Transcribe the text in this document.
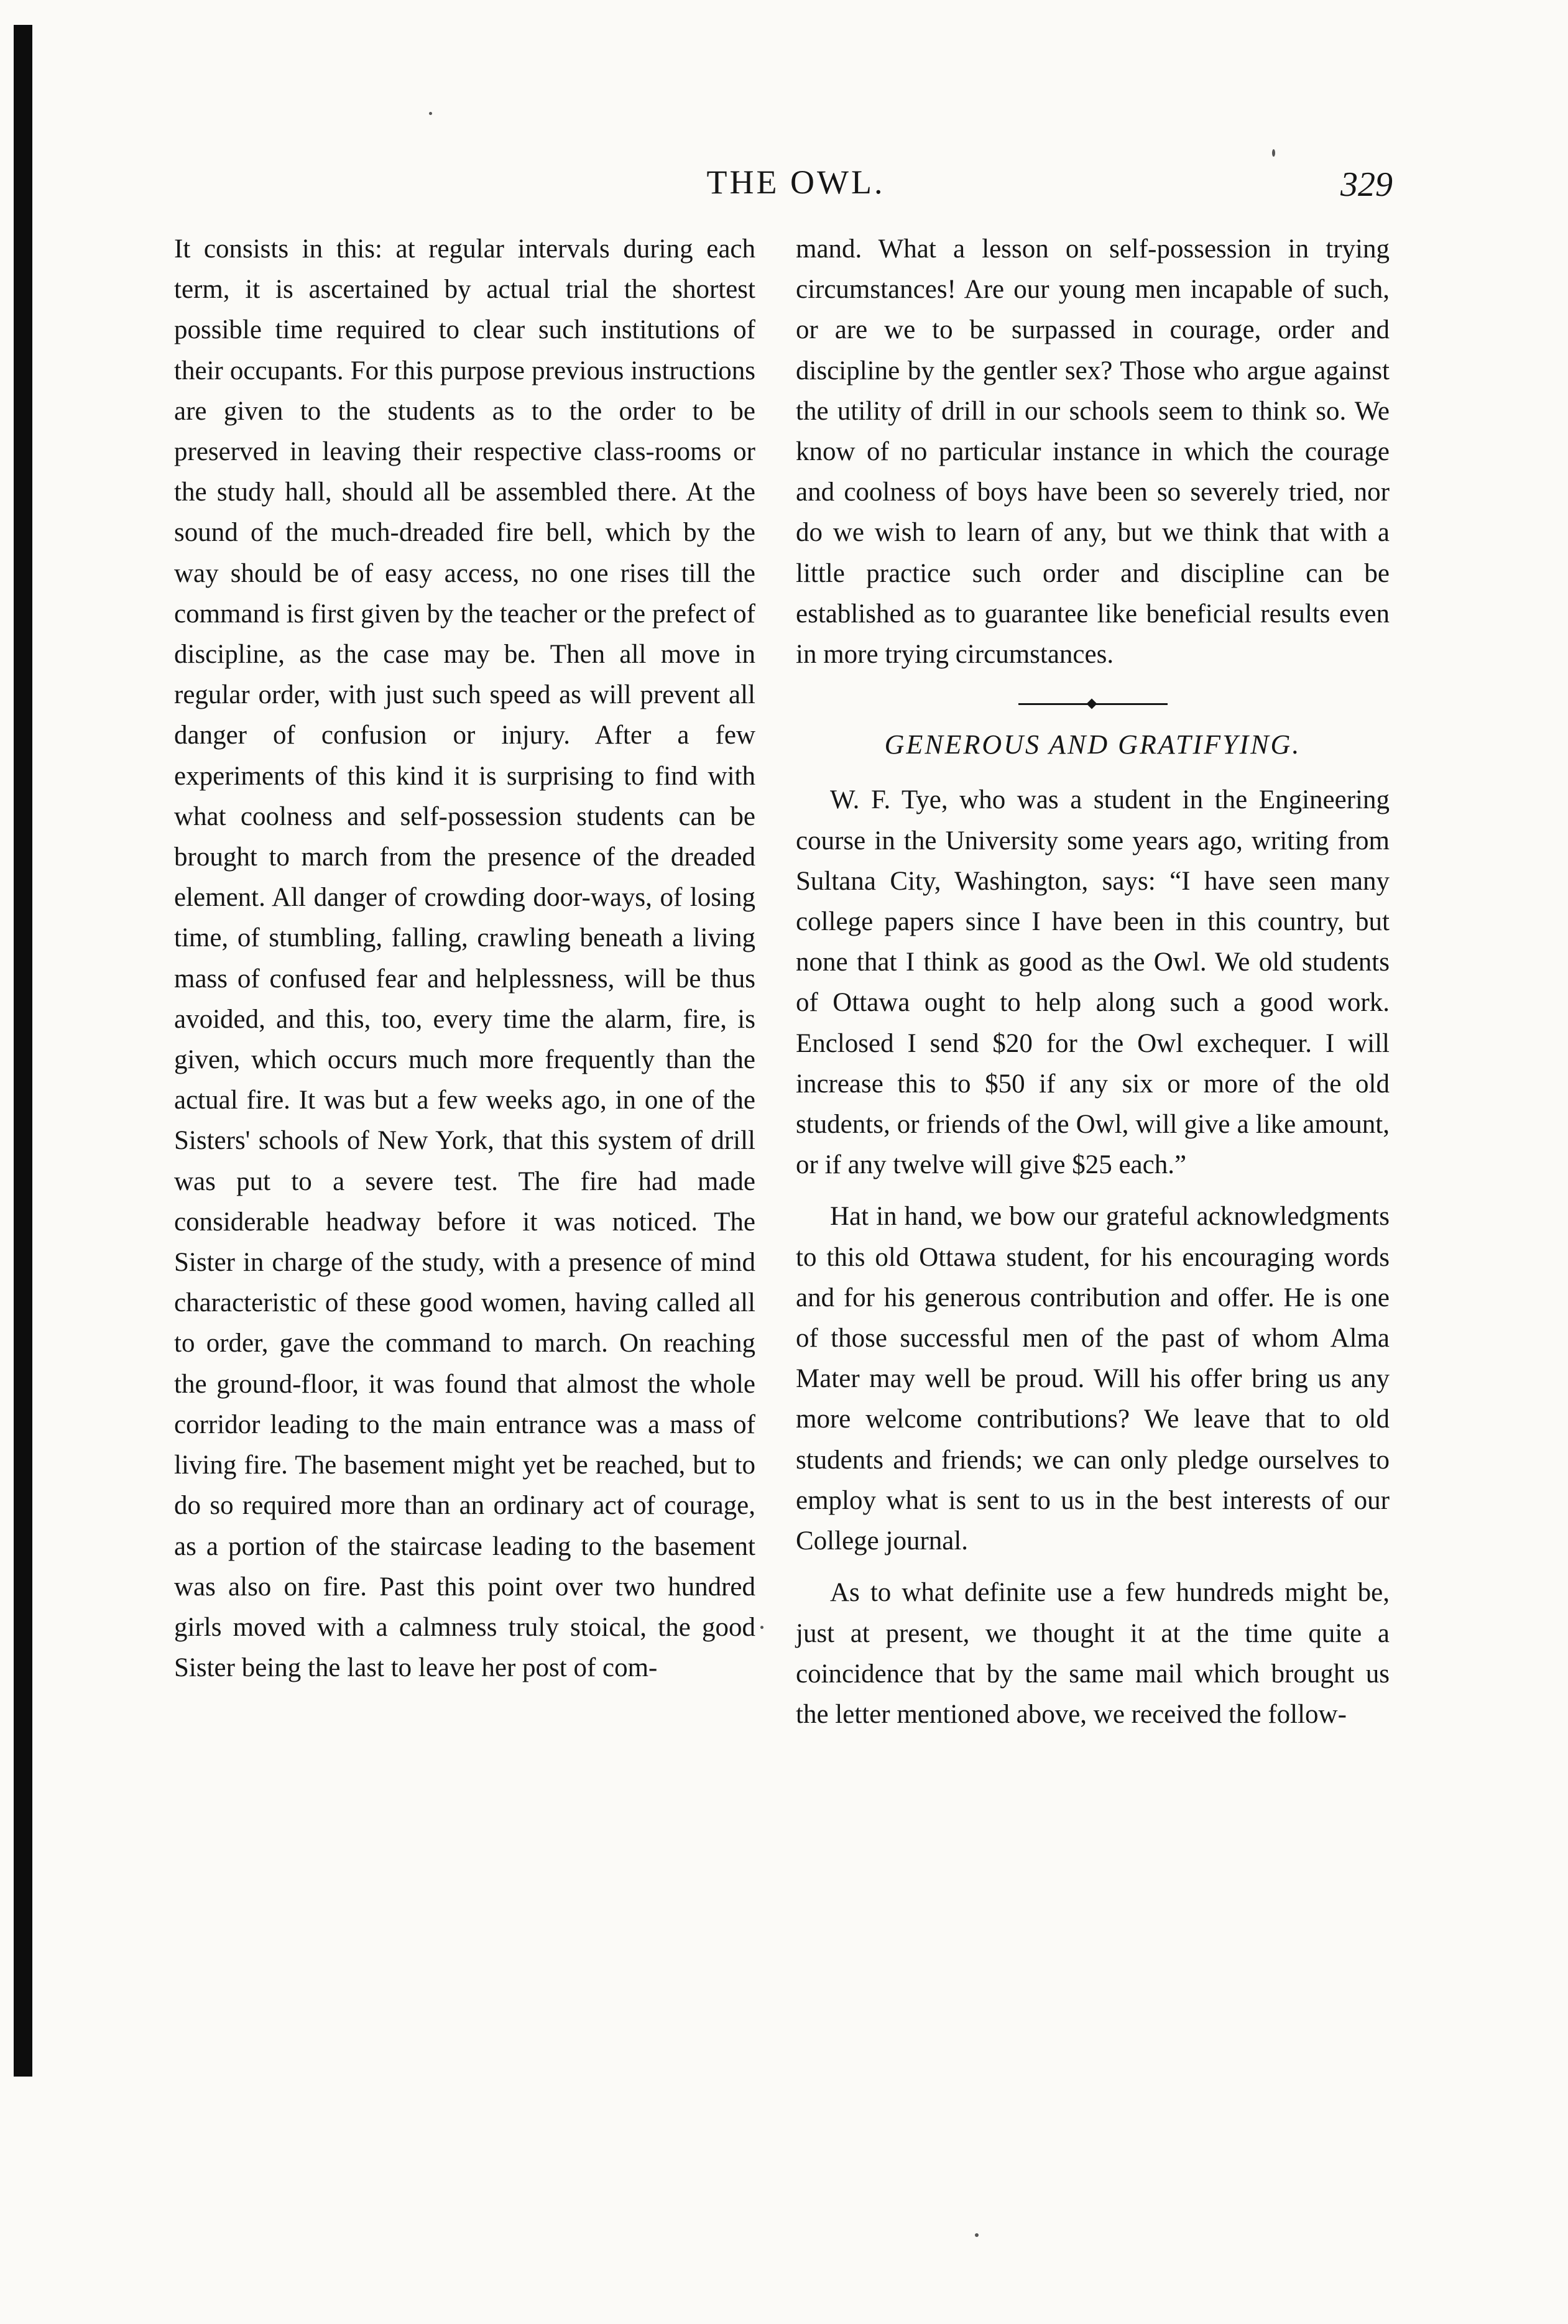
THE OWL.	329

It consists in this: at regular intervals during each term, it is ascertained by actual trial the shortest possible time required to clear such institutions of their occupants. For this purpose previous instructions are given to the students as to the order to be preserved in leaving their respective class-rooms or the study hall, should all be assembled there. At the sound of the much-dreaded fire bell, which by the way should be of easy access, no one rises till the command is first given by the teacher or the prefect of discipline, as the case may be. Then all move in regular order, with just such speed as will prevent all danger of confusion or injury. After a few experiments of this kind it is surprising to find with what coolness and self-possession students can be brought to march from the presence of the dreaded element. All danger of crowding door-ways, of losing time, of stumbling, falling, crawling beneath a living mass of confused fear and helplessness, will be thus avoided, and this, too, every time the alarm, fire, is given, which occurs much more frequently than the actual fire. It was but a few weeks ago, in one of the Sisters' schools of New York, that this system of drill was put to a severe test. The fire had made considerable headway before it was noticed. The Sister in charge of the study, with a presence of mind characteristic of these good women, having called all to order, gave the command to march. On reaching the ground-floor, it was found that almost the whole corridor leading to the main entrance was a mass of living fire. The basement might yet be reached, but to do so required more than an ordinary act of courage, as a portion of the staircase leading to the basement was also on fire. Past this point over two hundred girls moved with a calmness truly stoical, the good Sister being the last to leave her post of com-

mand. What a lesson on self-possession in trying circumstances! Are our young men incapable of such, or are we to be surpassed in courage, order and discipline by the gentler sex? Those who argue against the utility of drill in our schools seem to think so. We know of no particular instance in which the courage and coolness of boys have been so severely tried, nor do we wish to learn of any, but we think that with a little practice such order and discipline can be established as to guarantee like beneficial results even in more trying circumstances.

GENEROUS AND GRATIFYING.

W. F. Tye, who was a student in the Engineering course in the University some years ago, writing from Sultana City, Washington, says: “I have seen many college papers since I have been in this country, but none that I think as good as the Owl. We old students of Ottawa ought to help along such a good work. Enclosed I send $20 for the Owl exchequer. I will increase this to $50 if any six or more of the old students, or friends of the Owl, will give a like amount, or if any twelve will give $25 each.”

Hat in hand, we bow our grateful acknowledgments to this old Ottawa student, for his encouraging words and for his generous contribution and offer. He is one of those successful men of the past of whom Alma Mater may well be proud. Will his offer bring us any more welcome contributions? We leave that to old students and friends; we can only pledge ourselves to employ what is sent to us in the best interests of our College journal.

As to what definite use a few hundreds might be, just at present, we thought it at the time quite a coincidence that by the same mail which brought us the letter mentioned above, we received the follow-
